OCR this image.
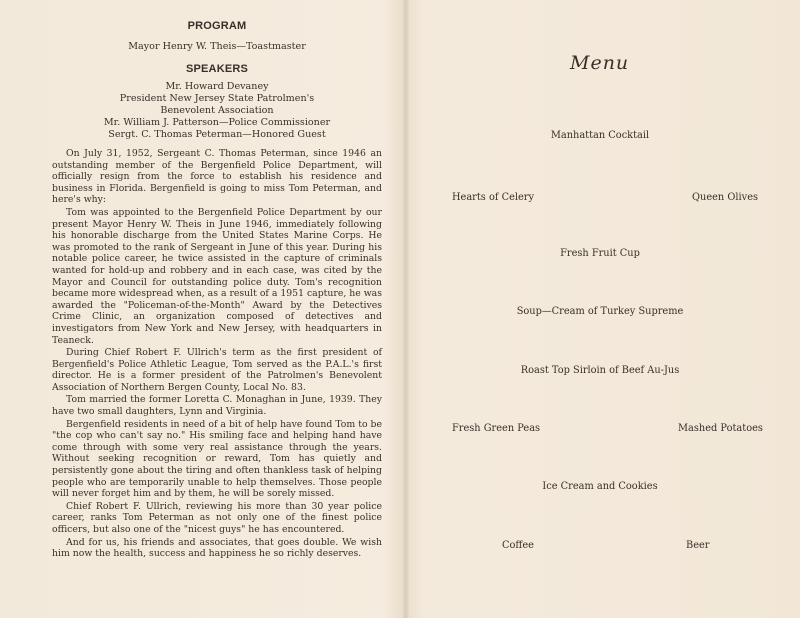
PROGRAM

Mayor Henry W. Theis—Toastmaster

SPEAKERS

Mr. Howard Devaney

President New Jersey State Patrolmen's

Benevolent Association

Mr. William J. Patterson—Police Commissioner

Sergt. C. Thomas Peterman—Honored Guest

On July 31, 1952, Sergeant C. Thomas Peterman, since 1946 an outstanding member of the Bergenfield Police Department, will officially resign from the force to establish his residence and business in Florida. Bergenfield is going to miss Tom Peterman, and here's why:

Tom was appointed to the Bergenfield Police Department by our present Mayor Henry W. Theis in June 1946, immediately following his honorable discharge from the United States Marine Corps. He was promoted to the rank of Sergeant in June of this year. During his notable police career, he twice assisted in the capture of criminals wanted for hold-up and robbery and in each case, was cited by the Mayor and Council for outstanding police duty. Tom's recognition became more widespread when, as a result of a 1951 capture, he was awarded the "Policeman-of-the-Month" Award by the Detectives Crime Clinic, an organization composed of detectives and investigators from New York and New Jersey, with headquarters in Teaneck.

During Chief Robert F. Ullrich's term as the first president of Bergenfield's Police Athletic League, Tom served as the P.A.L.'s first director. He is a former president of the Patrolmen's Benevolent Association of Northern Bergen County, Local No. 83.

Tom married the former Loretta C. Monaghan in June, 1939. They have two small daughters, Lynn and Virginia.

Bergenfield residents in need of a bit of help have found Tom to be "the cop who can't say no." His smiling face and helping hand have come through with some very real assistance through the years. Without seeking recognition or reward, Tom has quietly and persistently gone about the tiring and often thankless task of helping people who are temporarily unable to help themselves. Those people will never forget him and by them, he will be sorely missed.

Chief Robert F. Ullrich, reviewing his more than 30 year police career, ranks Tom Peterman as not only one of the finest police officers, but also one of the "nicest guys" he has encountered.

And for us, his friends and associates, that goes double. We wish him now the health, success and happiness he so richly deserves.

Menu
Manhattan Cocktail
Hearts of Celery	Queen Olives
Fresh Fruit Cup
Soup—Cream of Turkey Supreme
Roast Top Sirloin of Beef Au-Jus
Fresh Green Peas	Mashed Potatoes
Ice Cream and Cookies
Coffee	Beer
